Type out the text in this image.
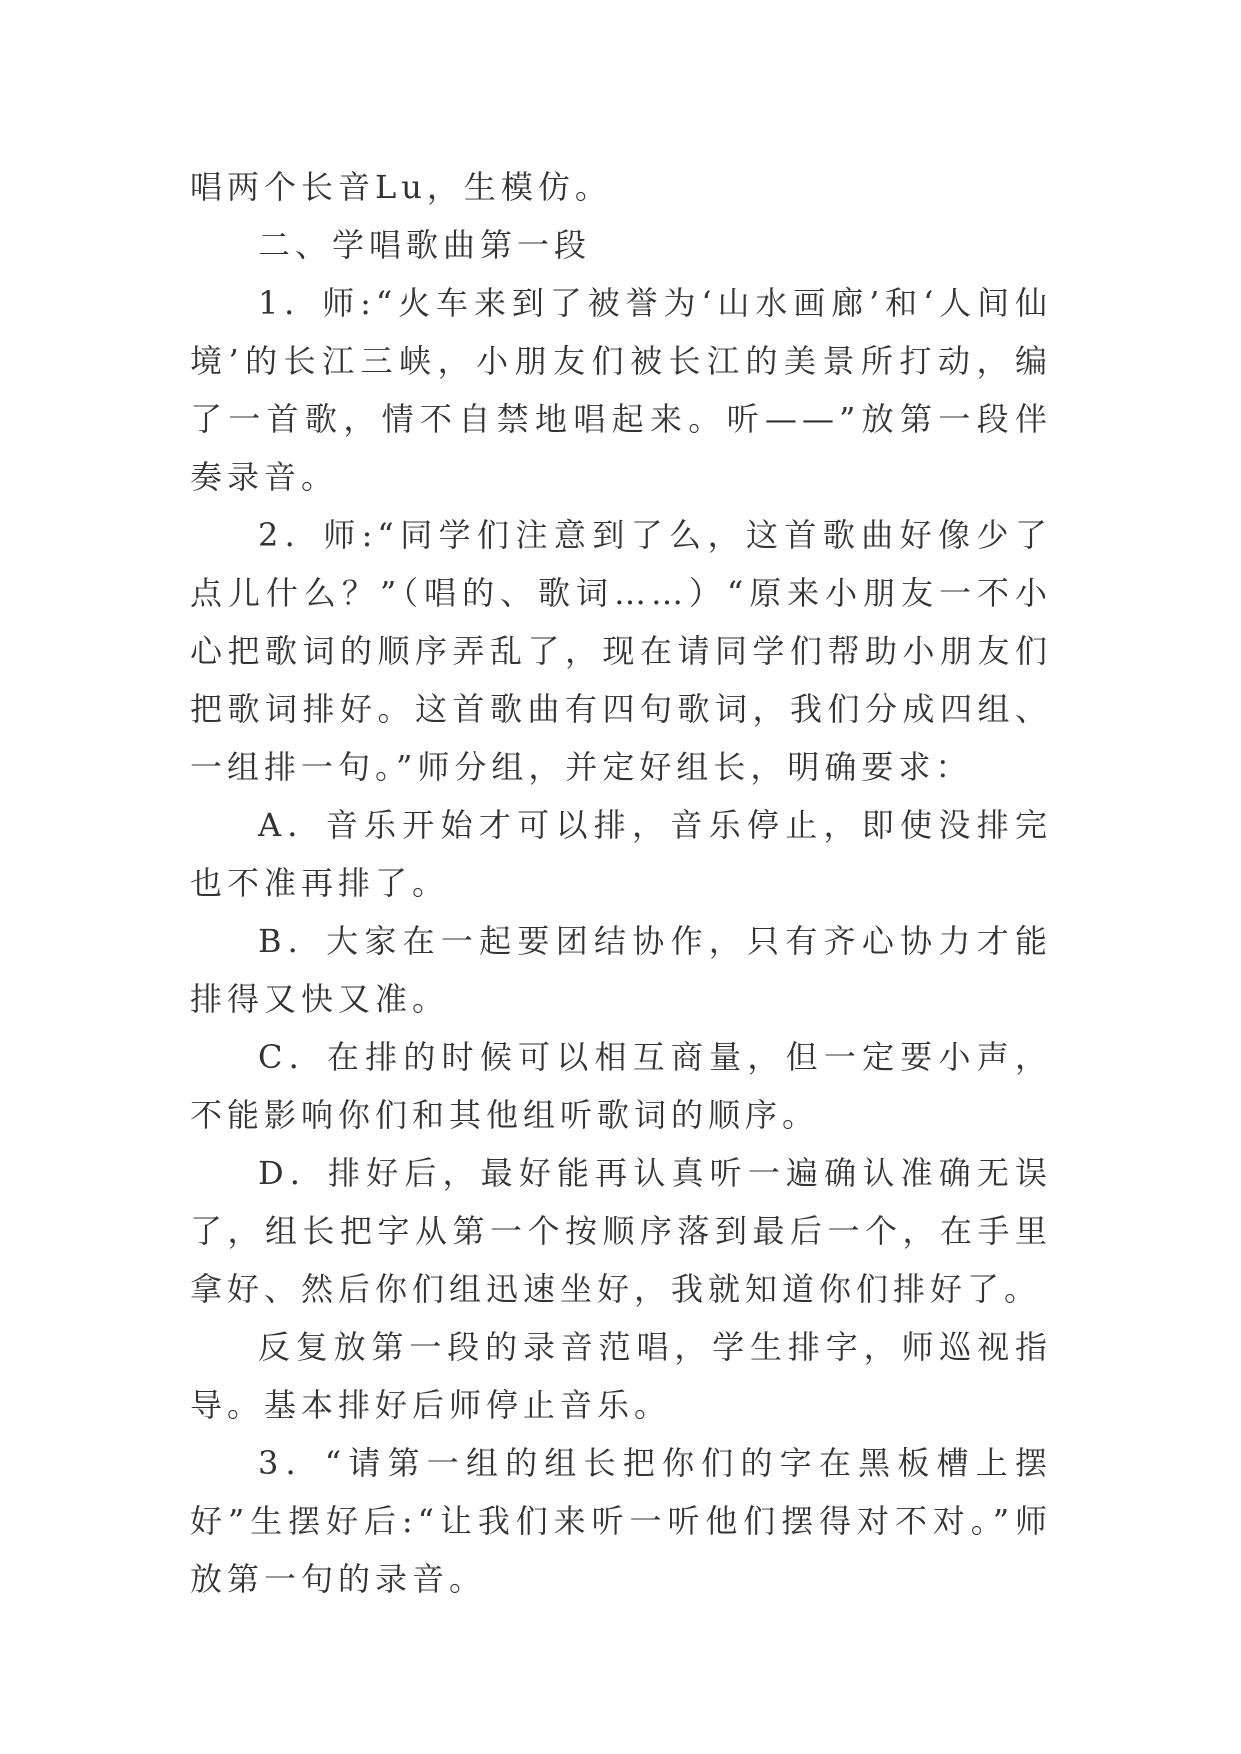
唱两个长音Lu，生模仿。

二、学唱歌曲第一段

1．师:“火车来到了被誉为‘山水画廊’和‘人间仙境’的长江三峡，小朋友们被长江的美景所打动，编了一首歌，情不自禁地唱起来。听——”放第一段伴奏录音。

2．师:“同学们注意到了么，这首歌曲好像少了点儿什么？”（唱的、歌词……）“原来小朋友一不小心把歌词的顺序弄乱了，现在请同学们帮助小朋友们把歌词排好。这首歌曲有四句歌词，我们分成四组、一组排一句。”师分组，并定好组长，明确要求：

A．音乐开始才可以排，音乐停止，即使没排完也不准再排了。

B．大家在一起要团结协作，只有齐心协力才能排得又快又准。

C．在排的时候可以相互商量，但一定要小声，不能影响你们和其他组听歌词的顺序。

D．排好后，最好能再认真听一遍确认准确无误了，组长把字从第一个按顺序落到最后一个，在手里拿好、然后你们组迅速坐好，我就知道你们排好了。

反复放第一段的录音范唱，学生排字，师巡视指导。基本排好后师停止音乐。

3．“请第一组的组长把你们的字在黑板槽上摆好”生摆好后:“让我们来听一听他们摆得对不对。”师放第一句的录音。
